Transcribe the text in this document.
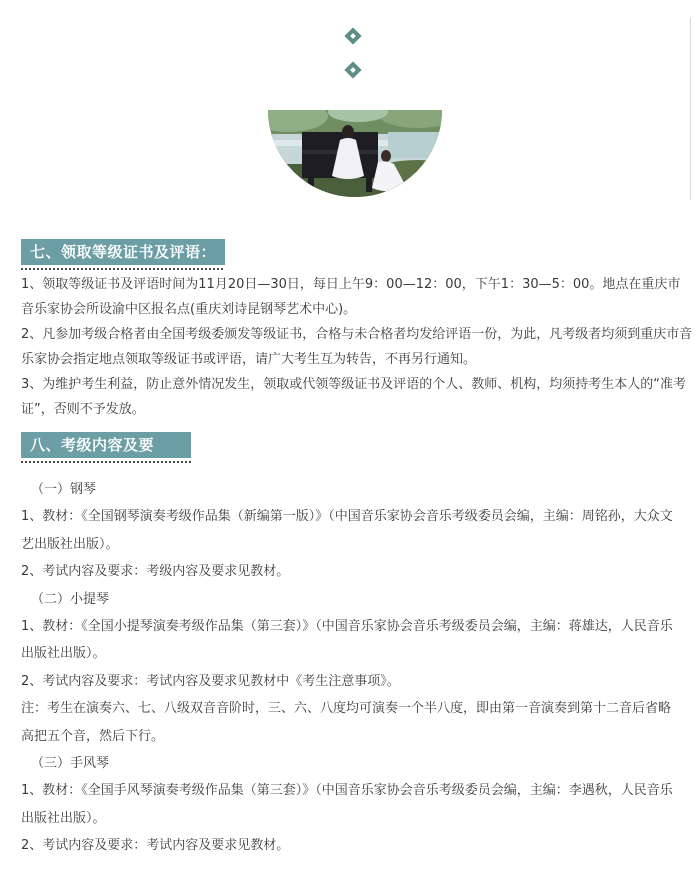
七、领取等级证书及评语：

1、领取等级证书及评语时间为11月20日—30日，每日上午9：00—12：00，下午1：30—5：00。地点在重庆市音乐家协会所设渝中区报名点(重庆刘诗昆钢琴艺术中心)。

2、凡参加考级合格者由全国考级委颁发等级证书，合格与未合格者均发给评语一份，为此，凡考级者均须到重庆市音乐家协会指定地点领取等级证书或评语，请广大考生互为转告，不再另行通知。

3、为维护考生利益，防止意外情况发生，领取或代领等级证书及评语的个人、教师、机构，均须持考生本人的“准考证”，否则不予发放。

八、考级内容及要求：

（一）钢琴

1、教材：《全国钢琴演奏考级作品集（新编第一版）》（中国音乐家协会音乐考级委员会编，主编：周铭孙，大众文艺出版社出版）。

2、考试内容及要求：考级内容及要求见教材。

（二）小提琴

1、教材：《全国小提琴演奏考级作品集（第三套）》（中国音乐家协会音乐考级委员会编，主编：蒋雄达，人民音乐出版社出版）。

2、考试内容及要求：考试内容及要求见教材中《考生注意事项》。

注：考生在演奏六、七、八级双音音阶时，三、六、八度均可演奏一个半八度，即由第一音演奏到第十二音后省略高把五个音，然后下行。

（三）手风琴

1、教材：《全国手风琴演奏考级作品集（第三套）》（中国音乐家协会音乐考级委员会编，主编：李遇秋，人民音乐出版社出版）。

2、考试内容及要求：考试内容及要求见教材。
